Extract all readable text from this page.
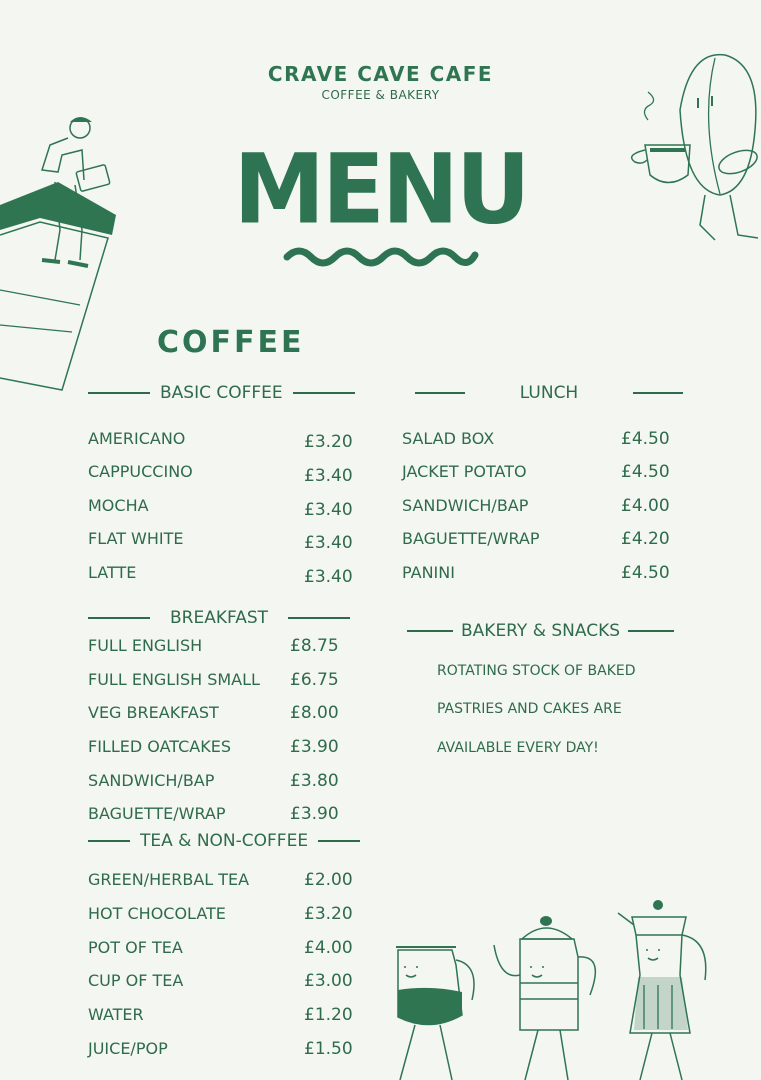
CRAVE CAVE CAFE
COFFEE & BAKERY
MENU
COFFEE
BASIC COFFEE
AMERICANO	£3.20
CAPPUCCINO	£3.40
MOCHA	£3.40
FLAT WHITE	£3.40
LATTE	£3.40
BREAKFAST
FULL ENGLISH	£8.75
FULL ENGLISH SMALL £6.75
VEG BREAKFAST	£8.00
FILLED OATCAKES	£3.90
SANDWICH/BAP	£3.80
BAGUETTE/WRAP	£3.90
TEA & NON-COFFEE
GREEN/HERBAL TEA	£2.00
HOT CHOCOLATE	£3.20
POT OF TEA	£4.00
CUP OF TEA	£3.00
WATER	£1.20
JUICE/POP	£1.50
LUNCH
SALAD BOX	£4.50
JACKET POTATO	£4.50
SANDWICH/BAP	£4.00
BAGUETTE/WRAP	£4.20
PANINI	£4.50
BAKERY & SNACKS
ROTATING STOCK OF BAKED
PASTRIES AND CAKES ARE
AVAILABLE EVERY DAY!
